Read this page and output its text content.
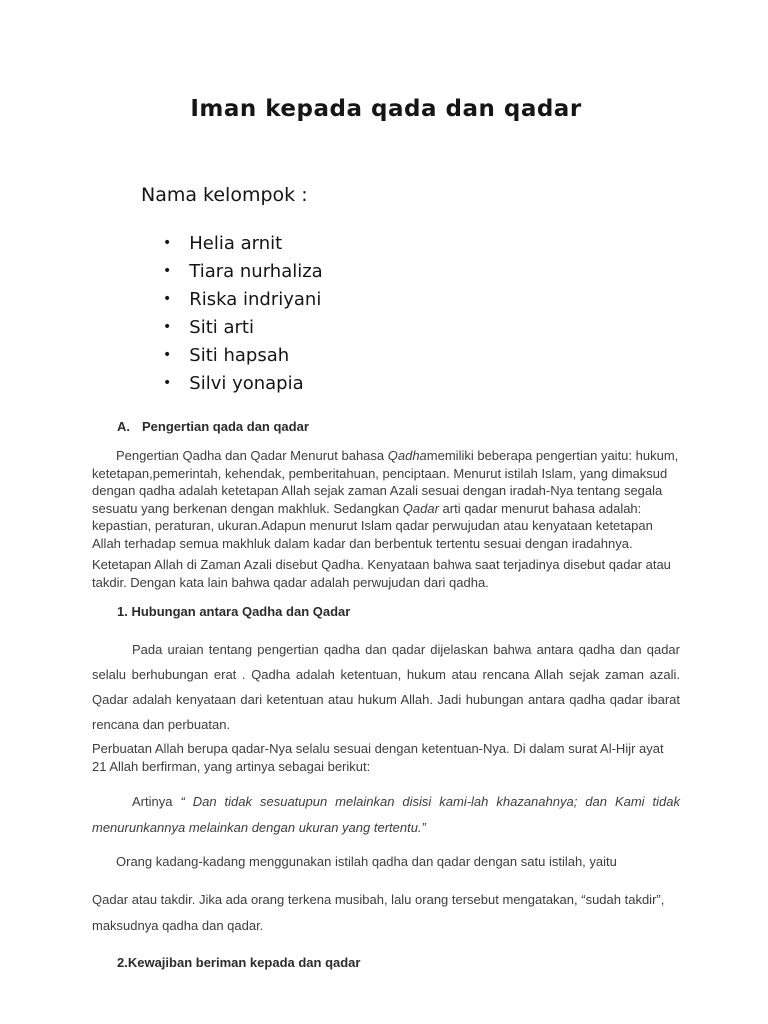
Iman kepada qada dan qadar
Nama kelompok :
• Helia arnit
• Tiara nurhaliza
• Riska indriyani
• Siti arti
• Siti hapsah
• Silvi yonapia
A. Pengertian qada dan qadar

Pengertian Qadha dan Qadar Menurut bahasa Qadhamemiliki beberapa pengertian yaitu: hukum, ketetapan,pemerintah, kehendak, pemberitahuan, penciptaan. Menurut istilah Islam, yang dimaksud dengan qadha adalah ketetapan Allah sejak zaman Azali sesuai dengan iradah-Nya tentang segala sesuatu yang berkenan dengan makhluk. Sedangkan Qadar arti qadar menurut bahasa adalah: kepastian, peraturan, ukuran.Adapun menurut Islam qadar perwujudan atau kenyataan ketetapan Allah terhadap semua makhluk dalam kadar dan berbentuk tertentu sesuai dengan iradahnya.

Ketetapan Allah di Zaman Azali disebut Qadha. Kenyataan bahwa saat terjadinya disebut qadar atau takdir. Dengan kata lain bahwa qadar adalah perwujudan dari qadha.

1. Hubungan antara Qadha dan Qadar

Pada uraian tentang pengertian qadha dan qadar dijelaskan bahwa antara qadha dan qadar selalu berhubungan erat . Qadha adalah ketentuan, hukum atau rencana Allah sejak zaman azali. Qadar adalah kenyataan dari ketentuan atau hukum Allah. Jadi hubungan antara qadha qadar ibarat rencana dan perbuatan.

Perbuatan Allah berupa qadar-Nya selalu sesuai dengan ketentuan-Nya. Di dalam surat Al-Hijr ayat 21 Allah berfirman, yang artinya sebagai berikut:

Artinya “ Dan tidak sesuatupun melainkan disisi kami-lah khazanahnya; dan Kami tidak menurunkannya melainkan dengan ukuran yang tertentu.”

Orang kadang-kadang menggunakan istilah qadha dan qadar dengan satu istilah, yaitu

Qadar atau takdir. Jika ada orang terkena musibah, lalu orang tersebut mengatakan, “sudah takdir”, maksudnya qadha dan qadar.

2.Kewajiban beriman kepada dan qadar
